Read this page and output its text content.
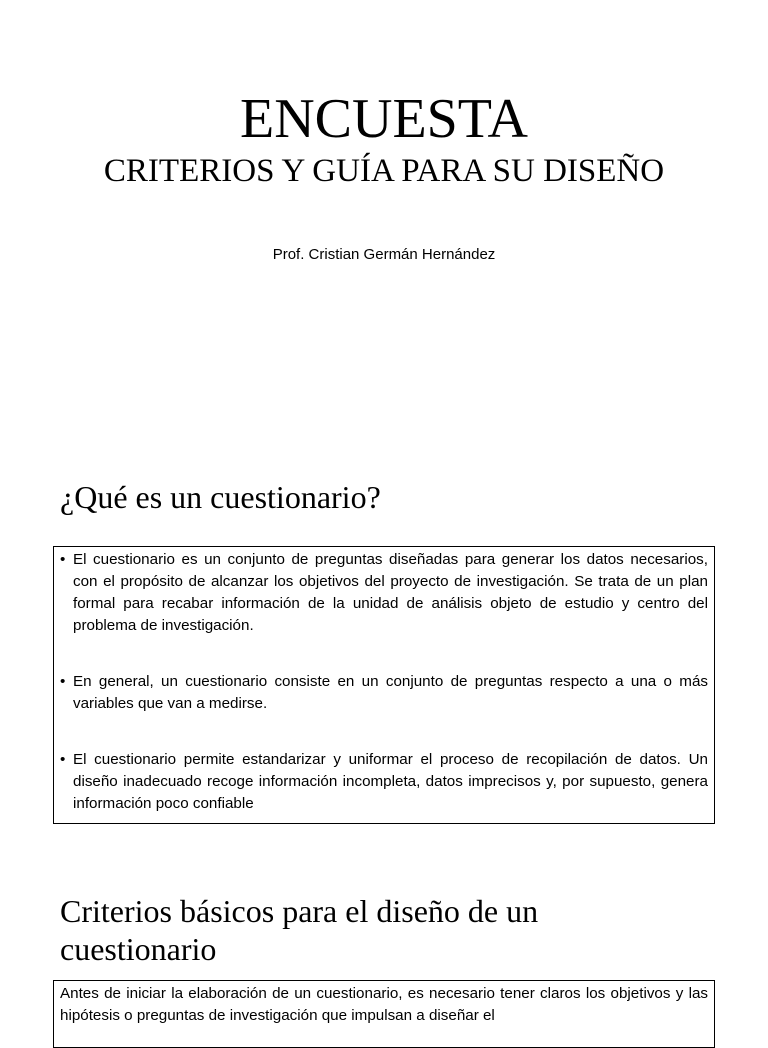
ENCUESTA
CRITERIOS Y GUÍA PARA SU DISEÑO

Prof. Cristian Germán Hernández

¿Qué es un cuestionario?
• El cuestionario es un conjunto de preguntas diseñadas para generar los datos necesarios, con el propósito de alcanzar los objetivos del proyecto de investigación. Se trata de un plan formal para recabar información de la unidad de análisis objeto de estudio y centro del problema de investigación.
• En general, un cuestionario consiste en un conjunto de preguntas respecto a una o más variables que van a medirse.
• El cuestionario permite estandarizar y uniformar el proceso de recopilación de datos. Un diseño inadecuado recoge información incompleta, datos imprecisos y, por supuesto, genera información poco confiable
Criterios básicos para el diseño de un cuestionario

Antes de iniciar la elaboración de un cuestionario, es necesario tener claros los objetivos y las hipótesis o preguntas de investigación que impulsan a diseñar el
